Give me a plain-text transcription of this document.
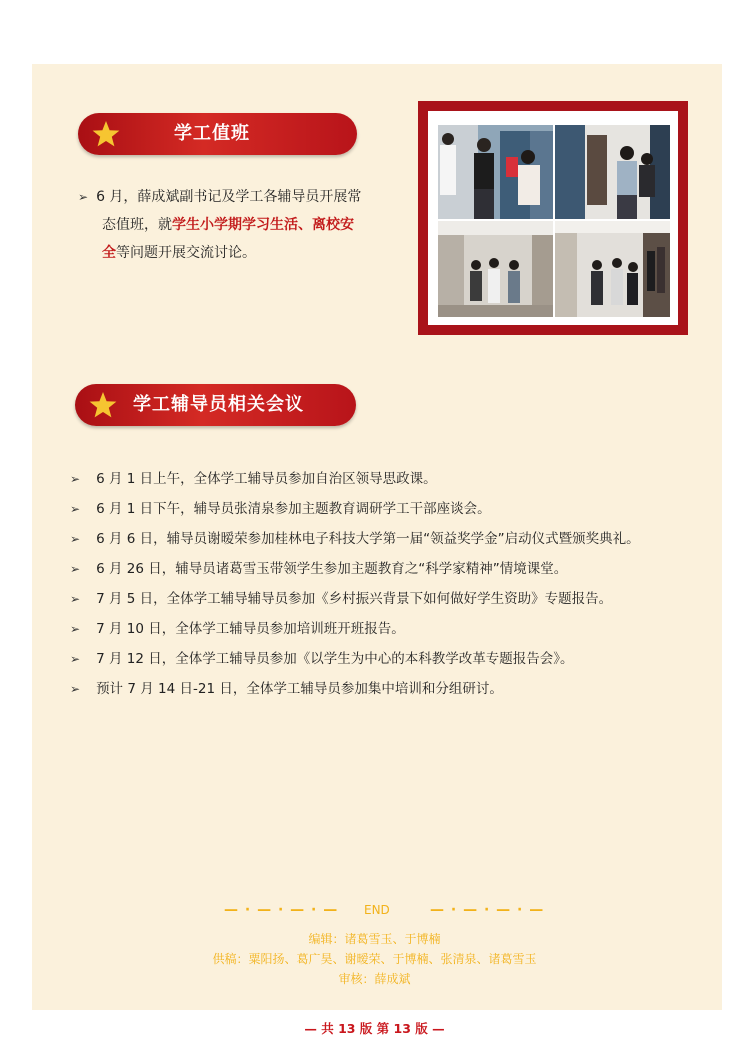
学工值班
➢ 6 月，薛成斌副书记及学工各辅导员开展常
态值班，就学生小学期学习生活、离校安
全等问题开展交流讨论。
学工辅导员相关会议
➢ 6 月 1 日上午，全体学工辅导员参加自治区领导思政课。
➢ 6 月 1 日下午，辅导员张清泉参加主题教育调研学工干部座谈会。
➢ 6 月 6 日，辅导员谢暧荣参加桂林电子科技大学第一届“领益奖学金”启动仪式暨颁奖典礼。
➢ 6 月 26 日，辅导员诸葛雪玉带领学生参加主题教育之“科学家精神”情境课堂。
➢ 7 月 5 日，全体学工辅导辅导员参加《乡村振兴背景下如何做好学生资助》专题报告。
➢ 7 月 10 日，全体学工辅导员参加培训班开班报告。
➢ 7 月 12 日，全体学工辅导员参加《以学生为中心的本科教学改革专题报告会》。
➢ 预计 7 月 14 日-21 日，全体学工辅导员参加集中培训和分组研讨。
— · — · — · — END	— · — · — · —
编辑：诸葛雪玉、于博楠
供稿：粟阳扬、葛广昊、谢暧荣、于博楠、张清泉、诸葛雪玉
审核：薛成斌
— 共 13 版 第 13 版 —
